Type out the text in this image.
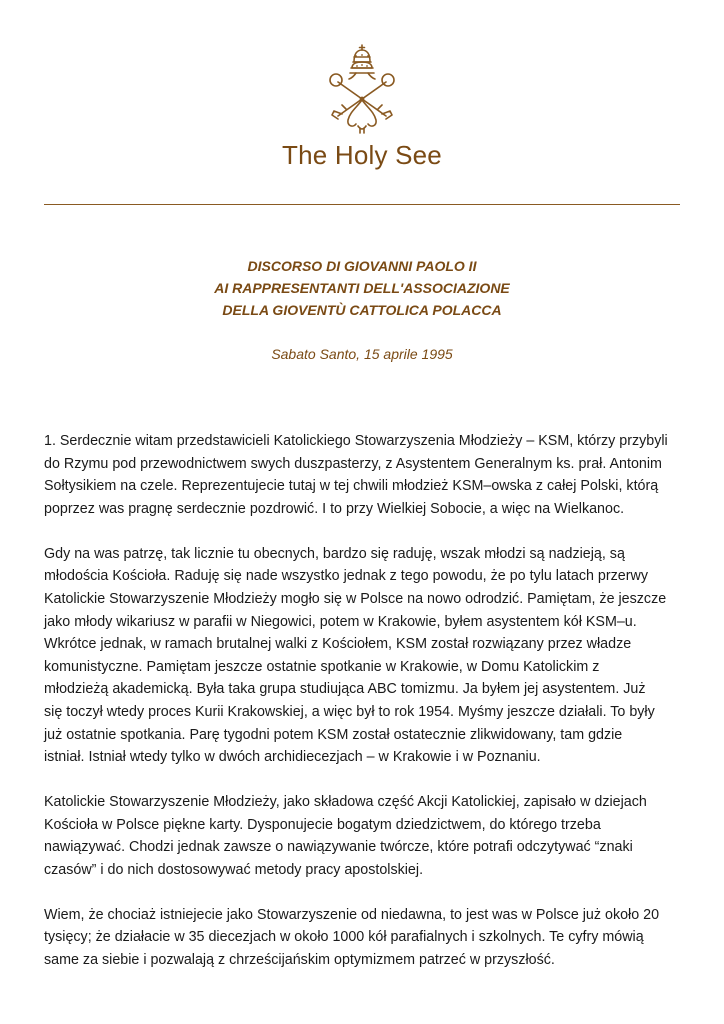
The Holy See
DISCORSO DI GIOVANNI PAOLO II
AI RAPPRESENTANTI DELL'ASSOCIAZIONE
DELLA GIOVENTÙ CATTOLICA POLACCA
Sabato Santo, 15 aprile 1995

1. Serdecznie witam przedstawicieli Katolickiego Stowarzyszenia Młodzieży – KSM, którzy przybyli
do Rzymu pod przewodnictwem swych duszpasterzy, z Asystentem Generalnym ks. prał. Antonim
Sołtysikiem na czele. Reprezentujecie tutaj w tej chwili młodzież KSM–owska z całej Polski, którą
poprzez was pragnę serdecznie pozdrowić. I to przy Wielkiej Sobocie, a więc na Wielkanoc.

Gdy na was patrzę, tak licznie tu obecnych, bardzo się raduję, wszak młodzi są nadzieją, są
młodościa Kościoła. Raduję się nade wszystko jednak z tego powodu, że po tylu latach przerwy
Katolickie Stowarzyszenie Młodzieży mogło się w Polsce na nowo odrodzić. Pamiętam, że jeszcze
jako młody wikariusz w parafii w Niegowici, potem w Krakowie, byłem asystentem kół KSM–u.
Wkrótce jednak, w ramach brutalnej walki z Kościołem, KSM został rozwiązany przez władze
komunistyczne. Pamiętam jeszcze ostatnie spotkanie w Krakowie, w Domu Katolickim z
młodzieżą akademicką. Była taka grupa studiująca ABC tomizmu. Ja byłem jej asystentem. Już
się toczył wtedy proces Kurii Krakowskiej, a więc był to rok 1954. Myśmy jeszcze działali. To były
już ostatnie spotkania. Parę tygodni potem KSM został ostatecznie zlikwidowany, tam gdzie
istniał. Istniał wtedy tylko w dwóch archidiecezjach – w Krakowie i w Poznaniu.

Katolickie Stowarzyszenie Młodzieży, jako składowa część Akcji Katolickiej, zapisało w dziejach
Kościoła w Polsce piękne karty. Dysponujecie bogatym dziedzictwem, do którego trzeba
nawiązywać. Chodzi jednak zawsze o nawiązywanie twórcze, które potrafi odczytywać “znaki
czasów” i do nich dostosowywać metody pracy apostolskiej.

Wiem, że chociaż istniejecie jako Stowarzyszenie od niedawna, to jest was w Polsce już około 20
tysięcy; że działacie w 35 diecezjach w około 1000 kół parafialnych i szkolnych. Te cyfry mówią
same za siebie i pozwalają z chrześcijańskim optymizmem patrzeć w przyszłość.
